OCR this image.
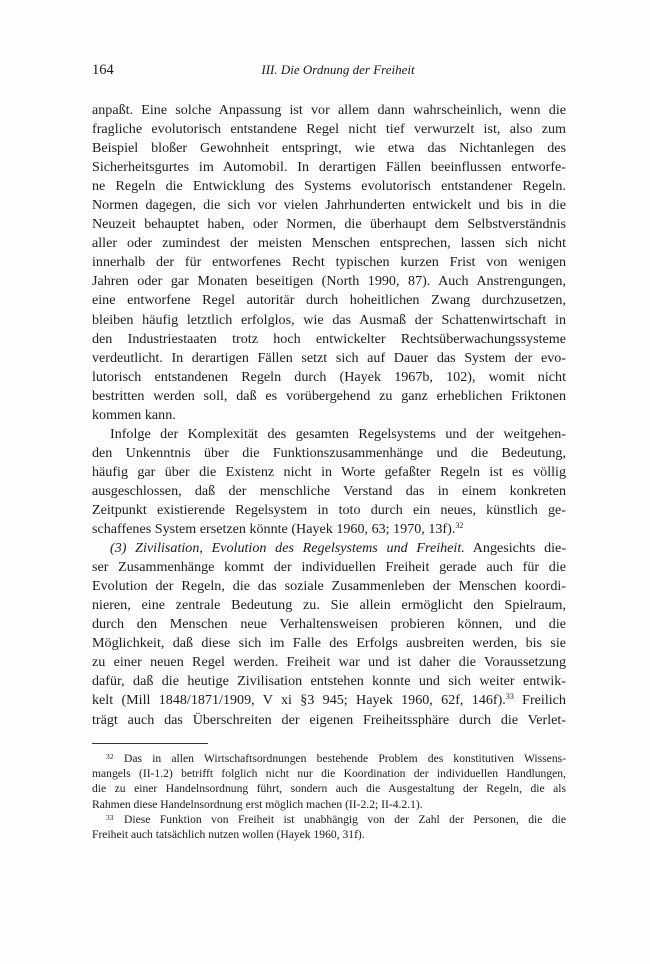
164	III. Die Ordnung der Freiheit
anpaßt. Eine solche Anpassung ist vor allem dann wahrscheinlich, wenn die
fragliche evolutorisch entstandene Regel nicht tief verwurzelt ist, also zum
Beispiel bloßer Gewohnheit entspringt, wie etwa das Nichtanlegen des
Sicherheitsgurtes im Automobil. In derartigen Fällen beeinflussen entworfe-
ne Regeln die Entwicklung des Systems evolutorisch entstandener Regeln.
Normen dagegen, die sich vor vielen Jahrhunderten entwickelt und bis in die
Neuzeit behauptet haben, oder Normen, die überhaupt dem Selbstverständnis
aller oder zumindest der meisten Menschen entsprechen, lassen sich nicht
innerhalb der für entworfenes Recht typischen kurzen Frist von wenigen
Jahren oder gar Monaten beseitigen (North 1990, 87). Auch Anstrengungen,
eine entworfene Regel autoritär durch hoheitlichen Zwang durchzusetzen,
bleiben häufig letztlich erfolglos, wie das Ausmaß der Schattenwirtschaft in
den Industriestaaten trotz hoch entwickelter Rechtsüberwachungssysteme
verdeutlicht. In derartigen Fällen setzt sich auf Dauer das System der evo-
lutorisch entstandenen Regeln durch (Hayek 1967b, 102), womit nicht
bestritten werden soll, daß es vorübergehend zu ganz erheblichen Friktonen
kommen kann.
Infolge der Komplexität des gesamten Regelsystems und der weitgehen-
den Unkenntnis über die Funktionszusammenhänge und die Bedeutung,
häufig gar über die Existenz nicht in Worte gefaßter Regeln ist es völlig
ausgeschlossen, daß der menschliche Verstand das in einem konkreten
Zeitpunkt existierende Regelsystem in toto durch ein neues, künstlich ge-
schaffenes System ersetzen könnte (Hayek 1960, 63; 1970, 13f).$^{32}$
(3) Zivilisation, Evolution des Regelsystems und Freiheit. Angesichts die-
ser Zusammenhänge kommt der individuellen Freiheit gerade auch für die
Evolution der Regeln, die das soziale Zusammenleben der Menschen koordi-
nieren, eine zentrale Bedeutung zu. Sie allein ermöglicht den Spielraum,
durch den Menschen neue Verhaltensweisen probieren können, und die
Möglichkeit, daß diese sich im Falle des Erfolgs ausbreiten werden, bis sie
zu einer neuen Regel werden. Freiheit war und ist daher die Voraussetzung
dafür, daß die heutige Zivilisation entstehen konnte und sich weiter entwik-
kelt (Mill 1848/1871/1909, V xi §3 945; Hayek 1960, 62f, 146f).$^{33}$ Freilich
trägt auch das Überschreiten der eigenen Freiheitssphäre durch die Verlet-
32 Das in allen Wirtschaftsordnungen bestehende Problem des konstitutiven Wissens-
mangels (II-1.2) betrifft folglich nicht nur die Koordination der individuellen Handlungen,
die zu einer Handelnsordnung führt, sondern auch die Ausgestaltung der Regeln, die als
Rahmen diese Handelnsordnung erst möglich machen (II-2.2; II-4.2.1).
33 Diese Funktion von Freiheit ist unabhängig von der Zahl der Personen, die die
Freiheit auch tatsächlich nutzen wollen (Hayek 1960, 31f).
